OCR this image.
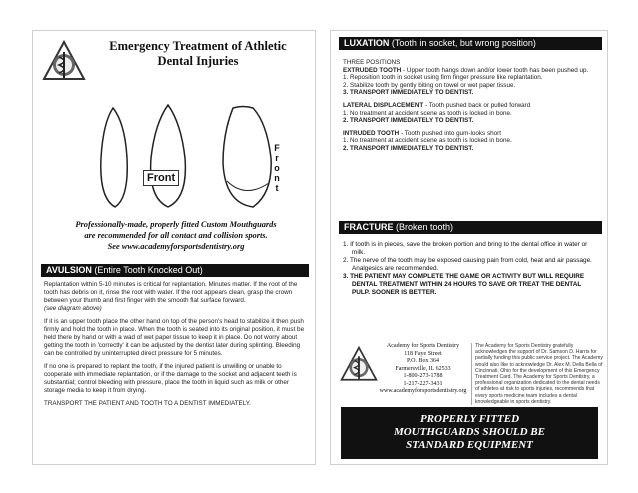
Emergency Treatment of Athletic Dental Injuries
Front
F
r
o
n
t
Professionally-made, properly fitted Custom Mouthguards
are recommended for all contact and collision sports.
See www.academyforsportsdentistry.org
AVULSION (Entire Tooth Knocked Out)

Replantation within 5-10 minutes is critical for replantation. Minutes matter. If the root of the tooth has debris on it, rinse the root with water. If the root appears clean, grasp the crown between your thumb and first finger with the smooth flat surface forward.
(see diagram above)

If it is an upper tooth place the other hand on top of the person's head to stabilize it then push firmly and hold the tooth in place. When the tooth is seated into its original position, it must be held there by hand or with a wad of wet paper tissue to keep it in place. Do not worry about getting the tooth in 'correctly' it can be adjusted by the dentist later during splinting. Bleeding can be controlled by uninterrupted direct pressure for 5 minutes.

If no one is prepared to replant the tooth, if the injured patient is unwilling or unable to cooperate with immediate replantation, or if the damage to the socket and adjacent teeth is substantial; control bleeding with pressure, place the tooth in liquid such as milk or other storage media to keep it from drying.

TRANSPORT THE PATIENT AND TOOTH TO A DENTIST IMMEDIATELY.

LUXATION (Tooth in socket, but wrong position)
THREE POSITIONS
EXTRUDED TOOTH - Upper tooth hangs down and/or lower tooth has been pushed up.
1. Reposition tooth in socket using firm finger pressure like replantation.
2. Stabilize tooth by gently biting on towel or wet paper tissue.
3. TRANSPORT IMMEDIATELY TO DENTIST.
LATERAL DISPLACEMENT - Tooth pushed back or pulled forward
1. No treatment at accident scene as tooth is locked in bone.
2. TRANSPORT IMMEDIATELY TO DENTIST.
INTRUDED TOOTH - Tooth pushed into gum-looks short
1. No treatment at accident scene as tooth is locked in bone.
2. TRANSPORT IMMEDIATELY TO DENTIST.
FRACTURE (Broken tooth)
1. If tooth is in pieces, save the broken portion and bring to the dental office in water or milk.
2. The nerve of the tooth may be exposed causing pain from cold, heat and air passage. Analgesics are recommended.
3. THE PATIENT MAY COMPLETE THE GAME OR ACTIVITY BUT WILL REQUIRE DENTAL TREATMENT WITHIN 24 HOURS TO SAVE OR TREAT THE DENTAL PULP. SOONER IS BETTER.
Academy for Sports Dentistry
118 Faye Street
P.O. Box 364
Farmersville, IL 62533
1-800-273-1788
1-217-227-3431
www.academyforsportsdentistry.org
The Academy for Sports Dentistry gratefully acknowledges the support of Dr. Samson D. Harris for partially funding this public service project. The Academy would also like to acknowledge Dr. Alex M. Della Bella of Cincinnati, Ohio for the development of this Emergency Treatment Card. The Academy for Sports Dentistry, a professional organization dedicated to the dental needs of athletes at risk to sports injuries, recommends that every sports medicine team includes a dental knowledgeable in sports dentistry.
PROPERLY FITTED
MOUTHGUARDS SHOULD BE
STANDARD EQUIPMENT
